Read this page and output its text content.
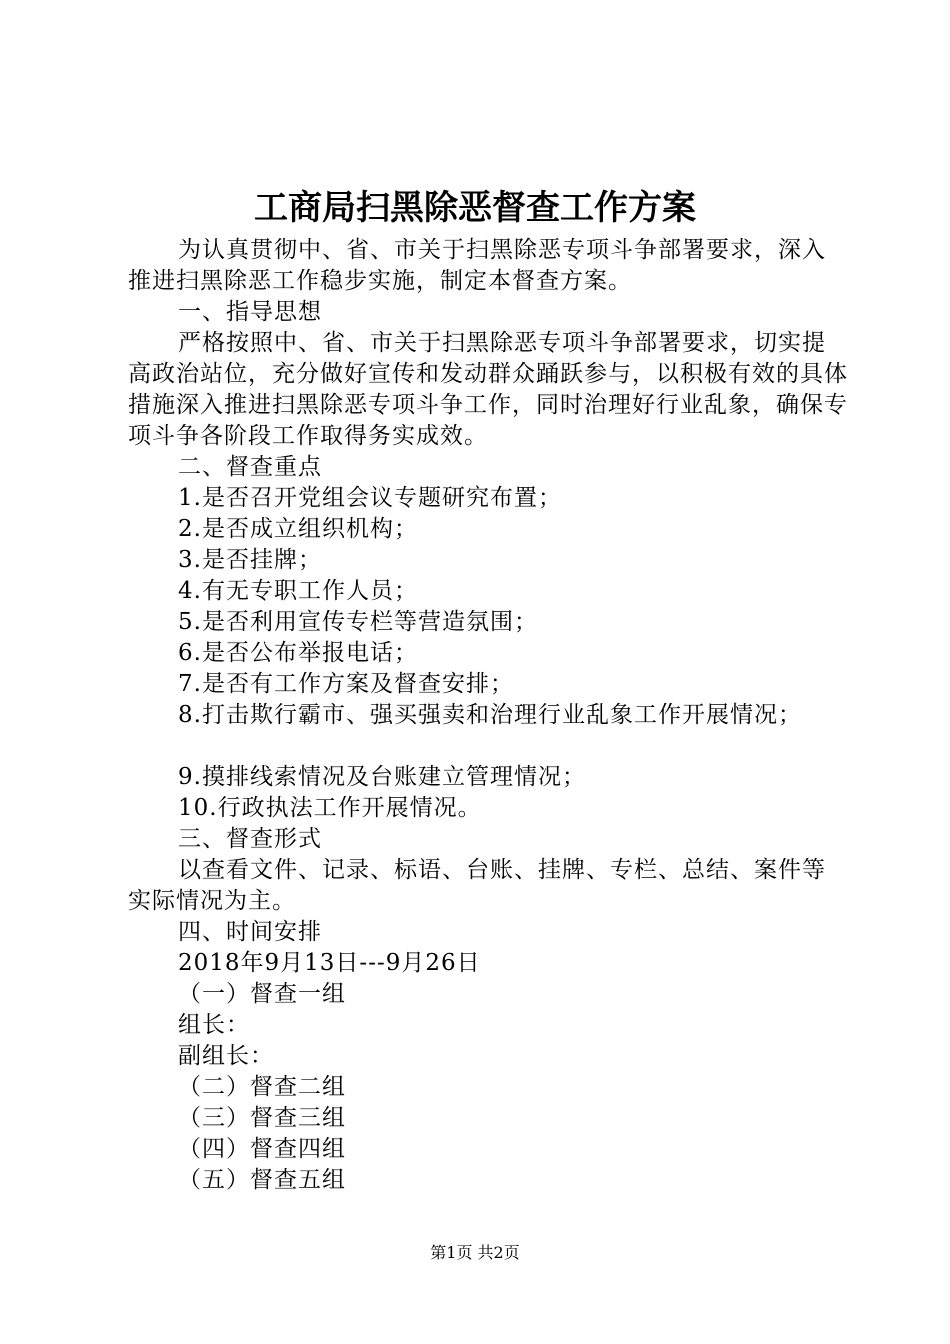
工商局扫黑除恶督查工作方案

为认真贯彻中、省、市关于扫黑除恶专项斗争部署要求，深入推进扫黑除恶工作稳步实施，制定本督查方案。

一、指导思想

严格按照中、省、市关于扫黑除恶专项斗争部署要求，切实提高政治站位，充分做好宣传和发动群众踊跃参与，以积极有效的具体措施深入推进扫黑除恶专项斗争工作，同时治理好行业乱象，确保专项斗争各阶段工作取得务实成效。

二、督查重点

1.是否召开党组会议专题研究布置；

2.是否成立组织机构；

3.是否挂牌；

4.有无专职工作人员；

5.是否利用宣传专栏等营造氛围；

6.是否公布举报电话；

7.是否有工作方案及督查安排；

8.打击欺行霸市、强买强卖和治理行业乱象工作开展情况；

9.摸排线索情况及台账建立管理情况；

10.行政执法工作开展情况。

三、督查形式

以查看文件、记录、标语、台账、挂牌、专栏、总结、案件等实际情况为主。

四、时间安排

2018年9月13日---9月26日

（一）督查一组

组长：

副组长：

（二）督查二组

（三）督查三组

（四）督查四组

（五）督查五组

第1页 共2页
